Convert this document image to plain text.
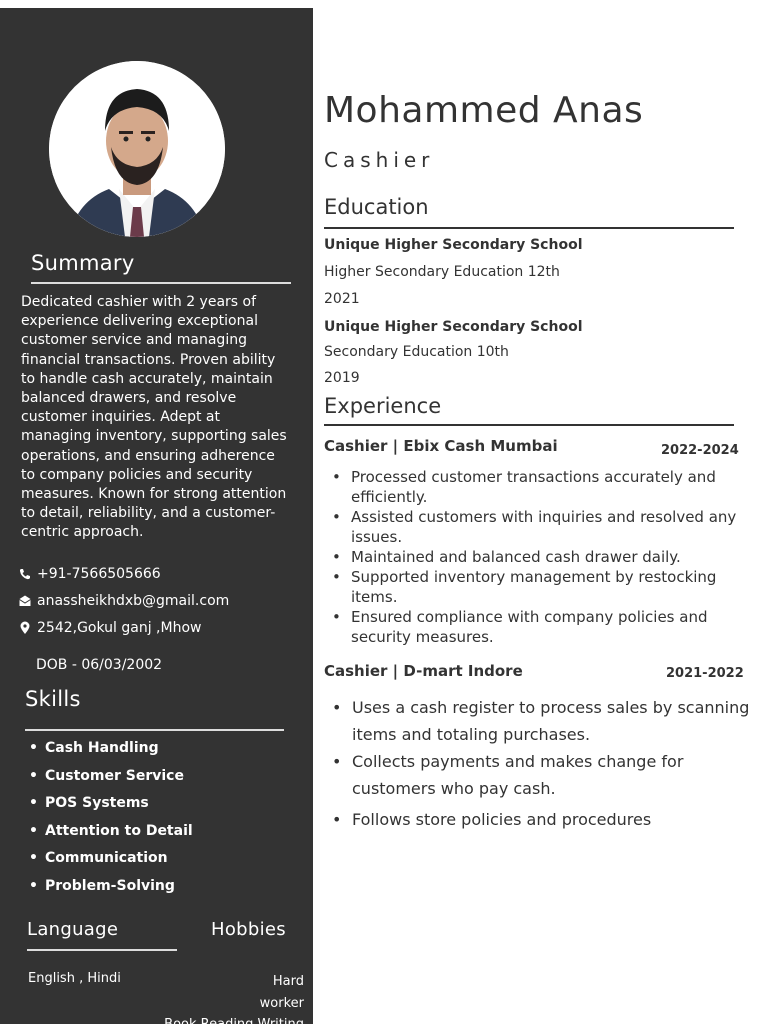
Summary

Dedicated cashier with 2 years of experience delivering exceptional customer service and managing financial transactions. Proven ability to handle cash accurately, maintain balanced drawers, and resolve customer inquiries. Adept at managing inventory, supporting sales operations, and ensuring adherence to company policies and security measures. Known for strong attention to detail, reliability, and a customer-centric approach.

+91-7566505666
anassheikhdxb@gmail.com
2542,Gokul ganj ,Mhow
DOB - 06/03/2002
Skills
• Cash Handling
• Customer Service
• POS Systems
• Attention to Detail
• Communication
• Problem-Solving
Language
English , Hindi
Hobbies
Hard
worker
Book Reading Writing
Mohammed Anas
Cashier
Education
Unique Higher Secondary School
Higher Secondary Education 12th
2021
Unique Higher Secondary School
Secondary Education 10th
2019
Experience
Cashier | Ebix Cash Mumbai	2022-2024
• Processed customer transactions accurately and efficiently.
• Assisted customers with inquiries and resolved any issues.
• Maintained and balanced cash drawer daily.
• Supported inventory management by restocking items.
• Ensured compliance with company policies and security measures.
Cashier | D-mart Indore	2021-2022
• Uses a cash register to process sales by scanning items and totaling purchases.
• Collects payments and makes change for customers who pay cash.
• Follows store policies and procedures
